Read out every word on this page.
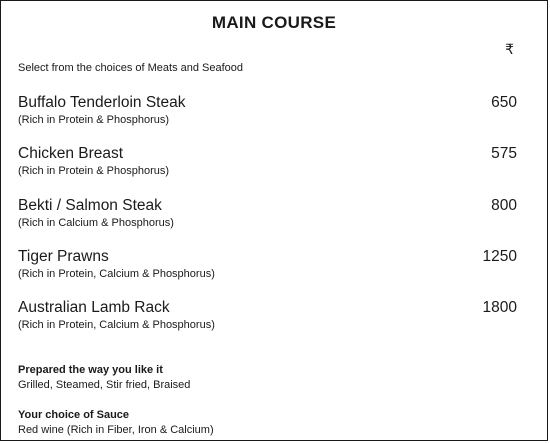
MAIN COURSE
₹
Select from the choices of Meats and Seafood
Buffalo Tenderloin Steak
(Rich in Protein & Phosphorus)
650
Chicken Breast
(Rich in Protein & Phosphorus)
575
Bekti / Salmon Steak
(Rich in Calcium & Phosphorus)
800
Tiger Prawns
(Rich in Protein, Calcium & Phosphorus)
1250
Australian Lamb Rack
(Rich in Protein, Calcium & Phosphorus)
1800
Prepared the way you like it
Grilled, Steamed, Stir fried, Braised
Your choice of Sauce
Red wine (Rich in Fiber, Iron & Calcium)
